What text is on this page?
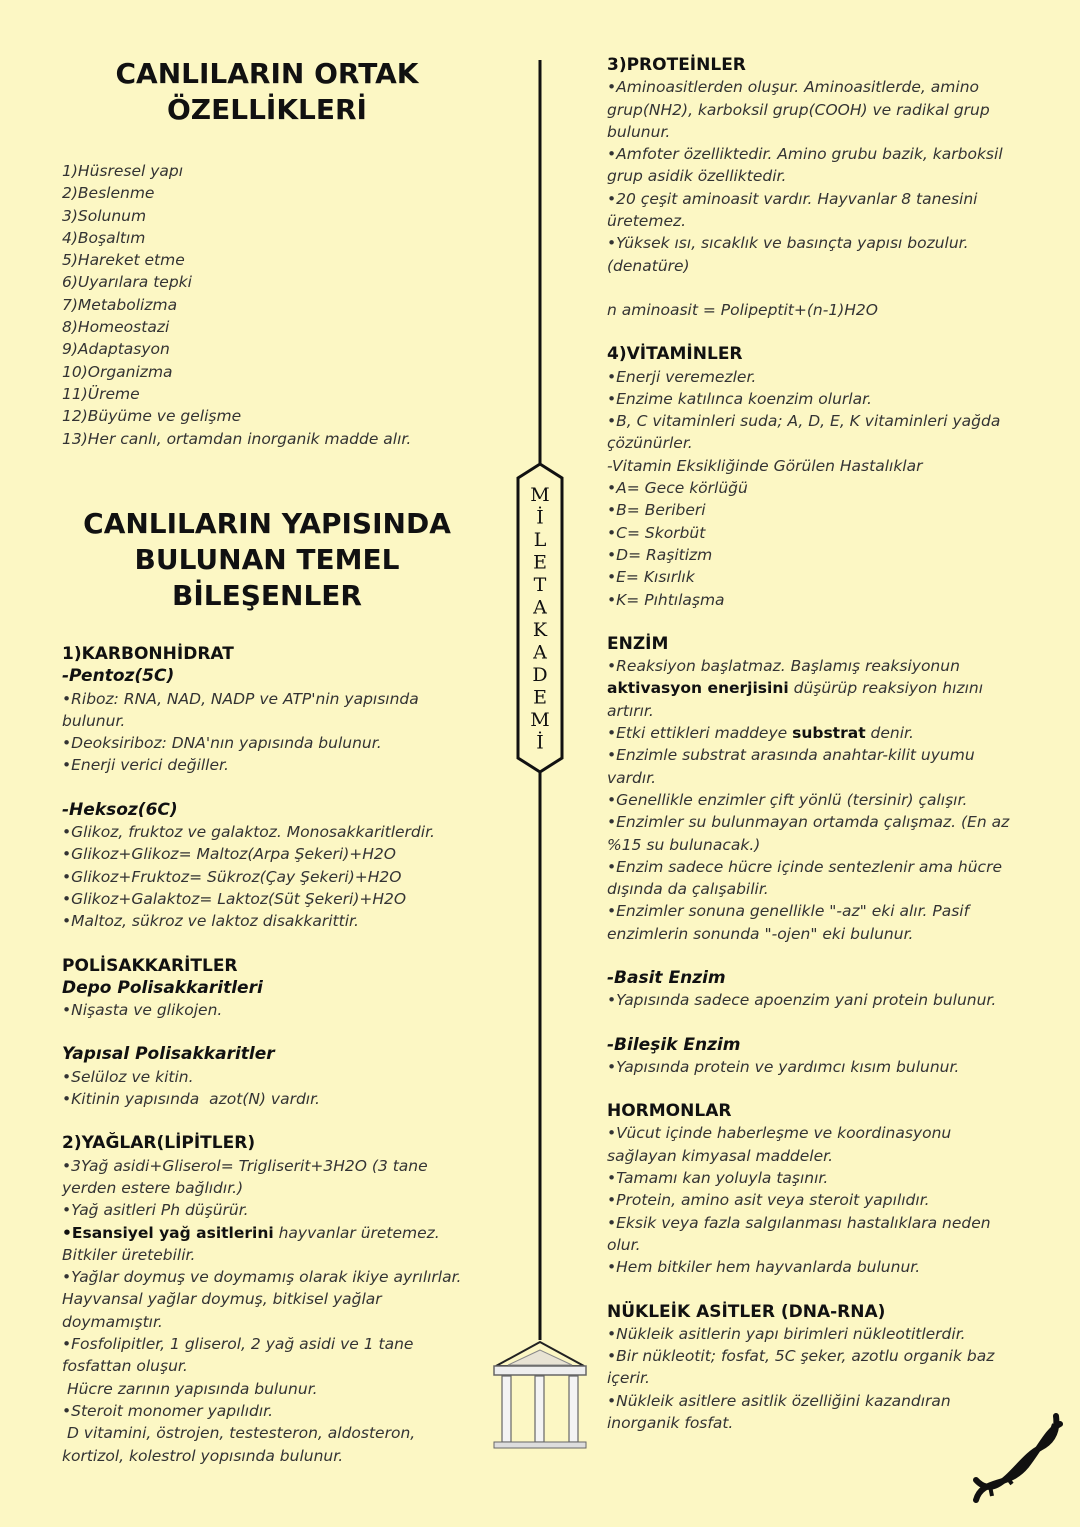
CANLILARIN ORTAK
ÖZELLİKLERİ
1)Hüsresel yapı
2)Beslenme
3)Solunum
4)Boşaltım
5)Hareket etme
6)Uyarılara tepki
7)Metabolizma
8)Homeostazi
9)Adaptasyon
10)Organizma
11)Üreme
12)Büyüme ve gelişme
13)Her canlı, ortamdan inorganik madde alır.
CANLILARIN YAPISINDA
BULUNAN TEMEL
BİLEŞENLER
1)KARBONHİDRAT
-Pentoz(5C)
•Riboz: RNA, NAD, NADP ve ATP'nin yapısında
bulunur.
•Deoksiriboz: DNA'nın yapısında bulunur.
•Enerji verici değiller.
-Heksoz(6C)
•Glikoz, fruktoz ve galaktoz. Monosakkaritlerdir.
•Glikoz+Glikoz= Maltoz(Arpa Şekeri)+H2O
•Glikoz+Fruktoz= Sükroz(Çay Şekeri)+H2O
•Glikoz+Galaktoz= Laktoz(Süt Şekeri)+H2O
•Maltoz, sükroz ve laktoz disakkarittir.
POLİSAKKARİTLER
Depo Polisakkaritleri
•Nişasta ve glikojen.
Yapısal Polisakkaritler
•Selüloz ve kitin.
•Kitinin yapısında  azot(N) vardır.
2)YAĞLAR(LİPİTLER)
•3Yağ asidi+Gliserol= Trigliserit+3H2O (3 tane
yerden estere bağlıdır.)
•Yağ asitleri Ph düşürür.
•Esansiyel yağ asitlerini hayvanlar üretemez.
Bitkiler üretebilir.
•Yağlar doymuş ve doymamış olarak ikiye ayrılırlar.
Hayvansal yağlar doymuş, bitkisel yağlar
doymamıştır.
•Fosfolipitler, 1 gliserol, 2 yağ asidi ve 1 tane
fosfattan oluşur.
Hücre zarının yapısında bulunur.
•Steroit monomer yapılıdır.
D vitamini, östrojen, testesteron, aldosteron,
kortizol, kolestrol yopısında bulunur.
3)PROTEİNLER
•Aminoasitlerden oluşur. Aminoasitlerde, amino
grup(NH2), karboksil grup(COOH) ve radikal grup
bulunur.
•Amfoter özelliktedir. Amino grubu bazik, karboksil
grup asidik özelliktedir.
•20 çeşit aminoasit vardır. Hayvanlar 8 tanesini
üretemez.
•Yüksek ısı, sıcaklık ve basınçta yapısı bozulur.
(denatüre)
n aminoasit = Polipeptit+(n-1)H2O
4)VİTAMİNLER
•Enerji veremezler.
•Enzime katılınca koenzim olurlar.
•B, C vitaminleri suda; A, D, E, K vitaminleri yağda
çözünürler.
-Vitamin Eksikliğinde Görülen Hastalıklar
•A= Gece körlüğü
•B= Beriberi
•C= Skorbüt
•D= Raşitizm
•E= Kısırlık
•K= Pıhtılaşma
ENZİM
•Reaksiyon başlatmaz. Başlamış reaksiyonun
aktivasyon enerjisini düşürüp reaksiyon hızını
artırır.
•Etki ettikleri maddeye substrat denir.
•Enzimle substrat arasında anahtar-kilit uyumu
vardır.
•Genellikle enzimler çift yönlü (tersinir) çalışır.
•Enzimler su bulunmayan ortamda çalışmaz. (En az
%15 su bulunacak.)
•Enzim sadece hücre içinde sentezlenir ama hücre
dışında da çalışabilir.
•Enzimler sonuna genellikle "-az" eki alır. Pasif
enzimlerin sonunda "-ojen" eki bulunur.
-Basit Enzim
•Yapısında sadece apoenzim yani protein bulunur.
-Bileşik Enzim
•Yapısında protein ve yardımcı kısım bulunur.
HORMONLAR
•Vücut içinde haberleşme ve koordinasyonu
sağlayan kimyasal maddeler.
•Tamamı kan yoluyla taşınır.
•Protein, amino asit veya steroit yapılıdır.
•Eksik veya fazla salgılanması hastalıklara neden
olur.
•Hem bitkiler hem hayvanlarda bulunur.
NÜKLEİK ASİTLER (DNA-RNA)
•Nükleik asitlerin yapı birimleri nükleotitlerdir.
•Bir nükleotit; fosfat, 5C şeker, azotlu organik baz
içerir.
•Nükleik asitlere asitlik özelliğini kazandıran
inorganik fosfat.
M
İ
L
E
T
A
K
A
D
E
M
İ
